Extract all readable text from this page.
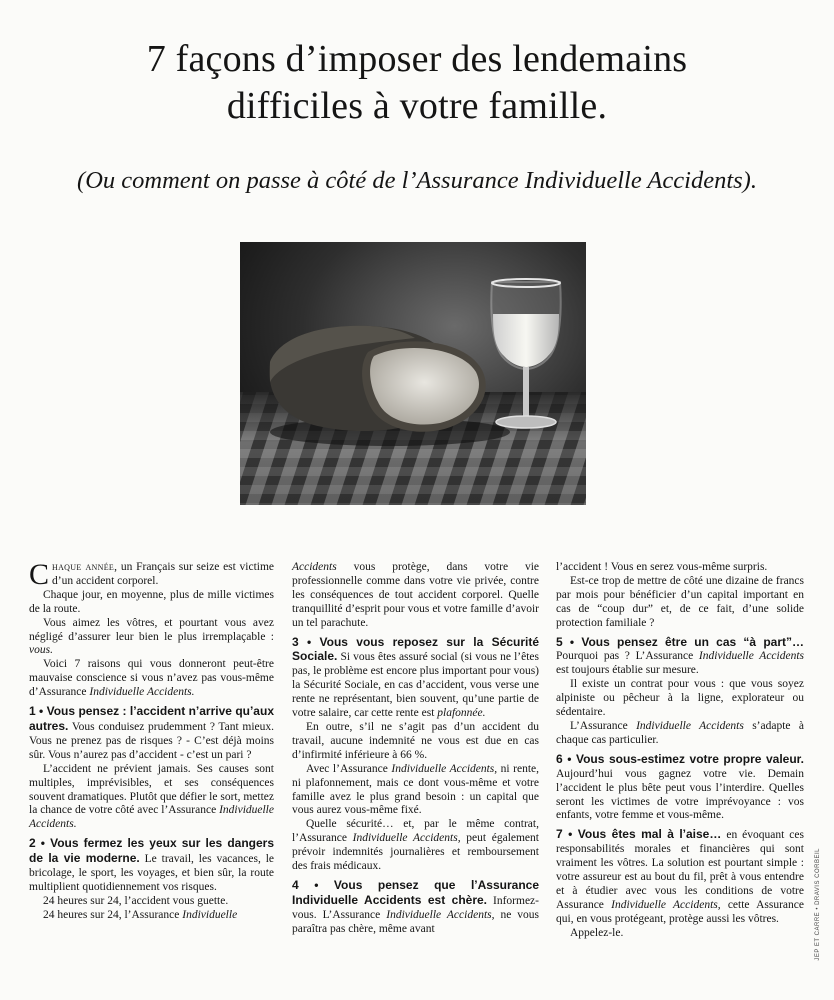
7 façons d’imposer des lendemains
difficiles à votre famille.

(Ou comment on passe à côté de l’Assurance Individuelle Accidents).

Chaque année, un Français sur seize est victime d’un accident corporel.

Chaque jour, en moyenne, plus de mille victimes de la route.

Vous aimez les vôtres, et pourtant vous avez négligé d’assurer leur bien le plus irremplaçable : vous.

Voici 7 raisons qui vous donneront peut-être mauvaise conscience si vous n’avez pas vous-même d’Assurance Individuelle Accidents.

1 • Vous pensez : l’accident n’arrive qu’aux autres. Vous conduisez prudemment ? Tant mieux. Vous ne prenez pas de risques ? - C’est déjà moins sûr. Vous n’aurez pas d’accident - c’est un pari ?

L’accident ne prévient jamais. Ses causes sont multiples, imprévisibles, et ses conséquences souvent dramatiques. Plutôt que défier le sort, mettez la chance de votre côté avec l’Assurance Individuelle Accidents.

2 • Vous fermez les yeux sur les dangers de la vie moderne. Le travail, les vacances, le bricolage, le sport, les voyages, et bien sûr, la route multiplient quotidiennement vos risques.

24 heures sur 24, l’accident vous guette.

24 heures sur 24, l’Assurance Individuelle

Accidents vous protège, dans votre vie professionnelle comme dans votre vie privée, contre les conséquences de tout accident corporel. Quelle tranquillité d’esprit pour vous et votre famille d’avoir un tel parachute.

3 • Vous vous reposez sur la Sécurité Sociale. Si vous êtes assuré social (si vous ne l’êtes pas, le problème est encore plus important pour vous) la Sécurité Sociale, en cas d’accident, vous verse une rente ne représentant, bien souvent, qu’une partie de votre salaire, car cette rente est plafonnée.

En outre, s’il ne s’agit pas d’un accident du travail, aucune indemnité ne vous est due en cas d’infirmité inférieure à 66 %.

Avec l’Assurance Individuelle Accidents, ni rente, ni plafonnement, mais ce dont vous-même et votre famille avez le plus grand besoin : un capital que vous aurez vous-même fixé.

Quelle sécurité… et, par le même contrat, l’Assurance Individuelle Accidents, peut également prévoir indemnités journalières et remboursement des frais médicaux.

4 • Vous pensez que l’Assurance Individuelle Accidents est chère. Informez-vous. L’Assurance Individuelle Accidents, ne vous paraîtra pas chère, même avant

l’accident ! Vous en serez vous-même surpris.

Est-ce trop de mettre de côté une dizaine de francs par mois pour bénéficier d’un capital important en cas de “coup dur” et, de ce fait, d’une solide protection familiale ?

5 • Vous pensez être un cas “à part”… Pourquoi pas ? L’Assurance Individuelle Accidents est toujours établie sur mesure.

Il existe un contrat pour vous : que vous soyez alpiniste ou pêcheur à la ligne, explorateur ou sédentaire.

L’Assurance Individuelle Accidents s’adapte à chaque cas particulier.

6 • Vous sous-estimez votre propre valeur. Aujourd’hui vous gagnez votre vie. Demain l’accident le plus bête peut vous l’interdire. Quelles seront les victimes de votre imprévoyance : vos enfants, votre femme et vous-même.

7 • Vous êtes mal à l’aise… en évoquant ces responsabilités morales et financières qui sont vraiment les vôtres. La solution est pourtant simple : votre assureur est au bout du fil, prêt à vous entendre et à étudier avec vous les conditions de votre Assurance Individuelle Accidents, cette Assurance qui, en vous protégeant, protège aussi les vôtres.

Appelez-le.	JEP ET CARRÉ • DRAVIS CORBEIL
